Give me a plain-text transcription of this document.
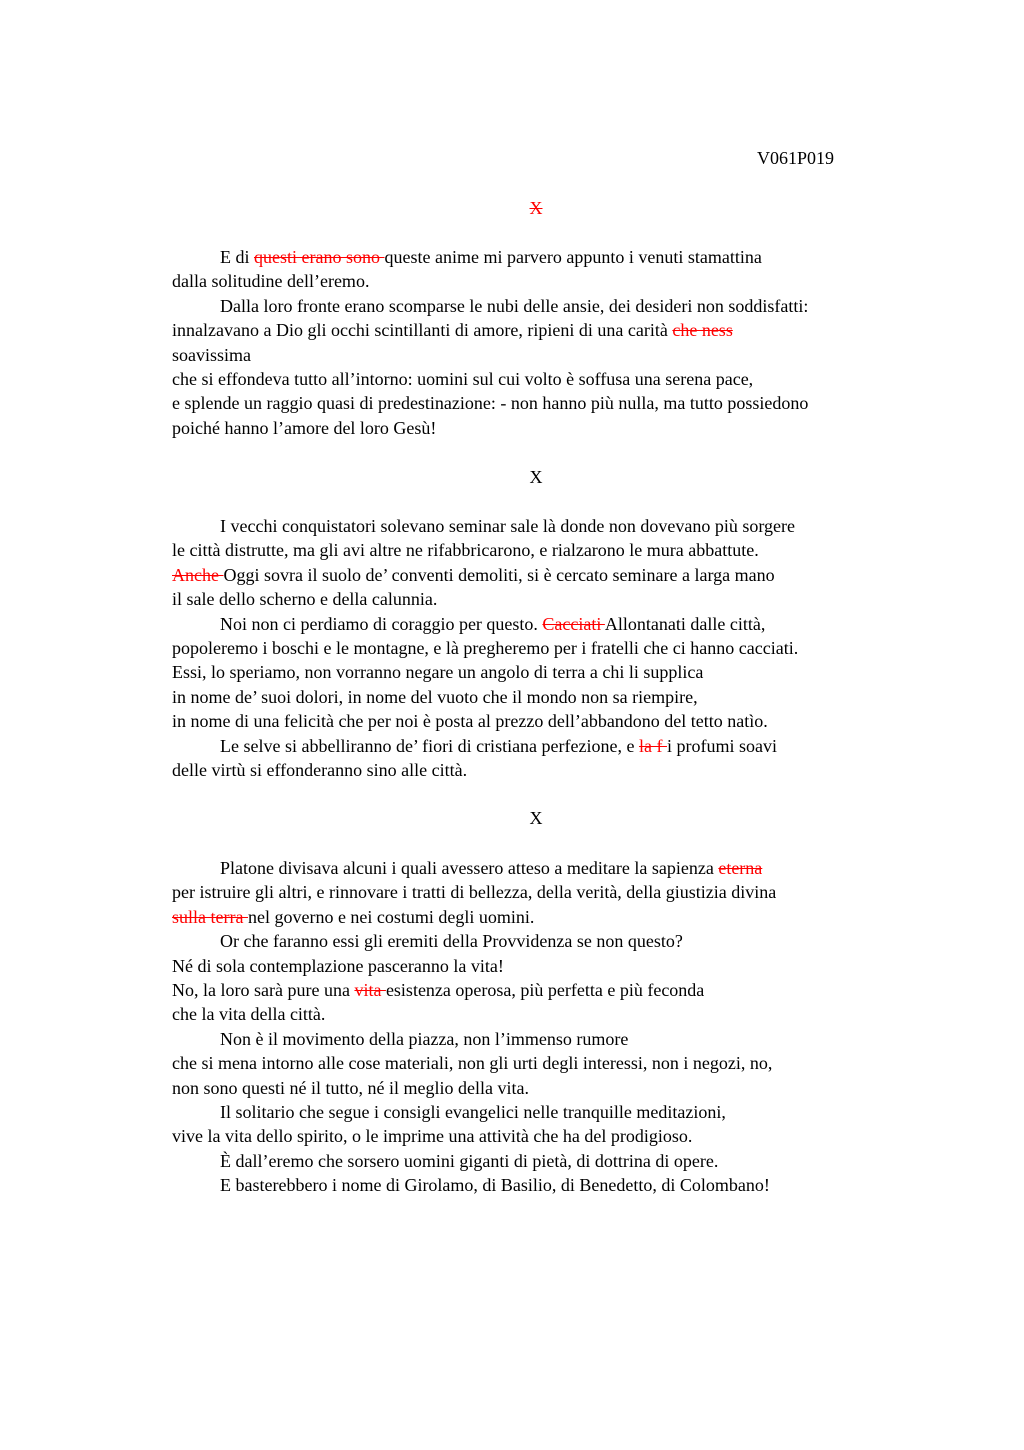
V061P019
X
E di questi erano sono queste anime mi parvero appunto i venuti stamattina
dalla solitudine dell’eremo.
Dalla loro fronte erano scomparse le nubi delle ansie, dei desideri non soddisfatti:
innalzavano a Dio gli occhi scintillanti di amore, ripieni di una carità che ness
soavissima
che si effondeva tutto all’intorno: uomini sul cui volto è soffusa una serena pace,
e splende un raggio quasi di predestinazione: - non hanno più nulla, ma tutto possiedono
poiché hanno l’amore del loro Gesù!
X
I vecchi conquistatori solevano seminar sale là donde non dovevano più sorgere
le città distrutte, ma gli avi altre ne rifabbricarono, e rialzarono le mura abbattute.
Anche Oggi sovra il suolo de’ conventi demoliti, si è cercato seminare a larga mano
il sale dello scherno e della calunnia.
Noi non ci perdiamo di coraggio per questo. Cacciati Allontanati dalle città,
popoleremo i boschi e le montagne, e là pregheremo per i fratelli che ci hanno cacciati.
Essi, lo speriamo, non vorranno negare un angolo di terra a chi li supplica
in nome de’ suoi dolori, in nome del vuoto che il mondo non sa riempire,
in nome di una felicità che per noi è posta al prezzo dell’abbandono del tetto natìo.
Le selve si abbelliranno de’ fiori di cristiana perfezione, e la f i profumi soavi
delle virtù si effonderanno sino alle città.
X
Platone divisava alcuni i quali avessero atteso a meditare la sapienza eterna
per istruire gli altri, e rinnovare i tratti di bellezza, della verità, della giustizia divina
sulla terra nel governo e nei costumi degli uomini.
Or che faranno essi gli eremiti della Provvidenza se non questo?
Né di sola contemplazione pasceranno la vita!
No, la loro sarà pure una vita esistenza operosa, più perfetta e più feconda
che la vita della città.
Non è il movimento della piazza, non l’immenso rumore
che si mena intorno alle cose materiali, non gli urti degli interessi, non i negozi, no,
non sono questi né il tutto, né il meglio della vita.
Il solitario che segue i consigli evangelici nelle tranquille meditazioni,
vive la vita dello spirito, o le imprime una attività che ha del prodigioso.
È dall’eremo che sorsero uomini giganti di pietà, di dottrina di opere.
E basterebbero i nome di Girolamo, di Basilio, di Benedetto, di Colombano!
